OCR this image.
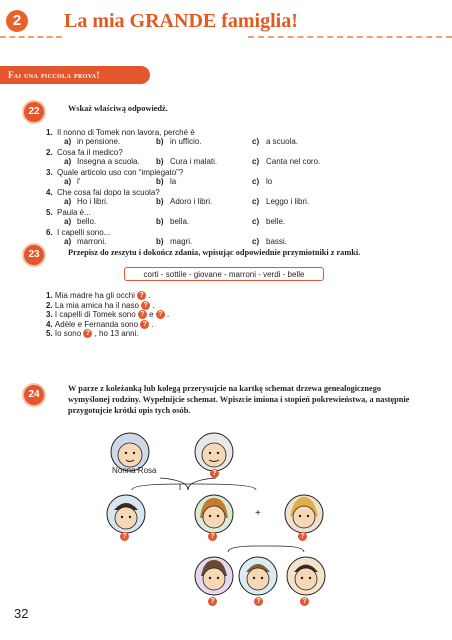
2	La mia GRANDE famiglia!
Fai una piccola prova!
22	Wskaż właściwą odpowiedź.
1. Il nonno di Tomek non lavora, perché è
a) in pensione.	b) in ufficio.	c) a scuola.
2. Cosa fa il medico?
a) Insegna a scuola. b) Cura i malati.	c) Canta nel coro.
3. Quale articolo uso con “impiegato”?
a) l'	b) la	c) lo
4. Che cosa fai dopo la scuola?
a) Ho i libri.	b) Adoro i libri.	c) Leggo i libri.
5. Paula è...
a) bello.	b) bella.	c) belle.
6. I capelli sono...
a) marroni.	b) magri.	c) bassi.
23	Przepisz do zeszytu i dokończ zdania, wpisując odpowiednie przymiotniki z ramki.
corti - sottile - giovane - marroni - verdi - belle
1. Mia madre ha gli occhi ? .
2. La mia amica ha il naso ? .
3. I capelli di Tomek sono ? e ? .
4. Adèle e Fernanda sono ? .
5. Io sono ? , ho 13 anni.
24
W parze z koleżanką lub kolegą przerysujcie na kartkę schemat drzewa genealogicznego wymyślonej rodziny. Wypełnijcie schemat. Wpiszcie imiona i stopień pokrewieństwa, a następnie przygotujcie krótki opis tych osób.
Nonna Rosa	?
?	?
+
?
?	?	?
32
